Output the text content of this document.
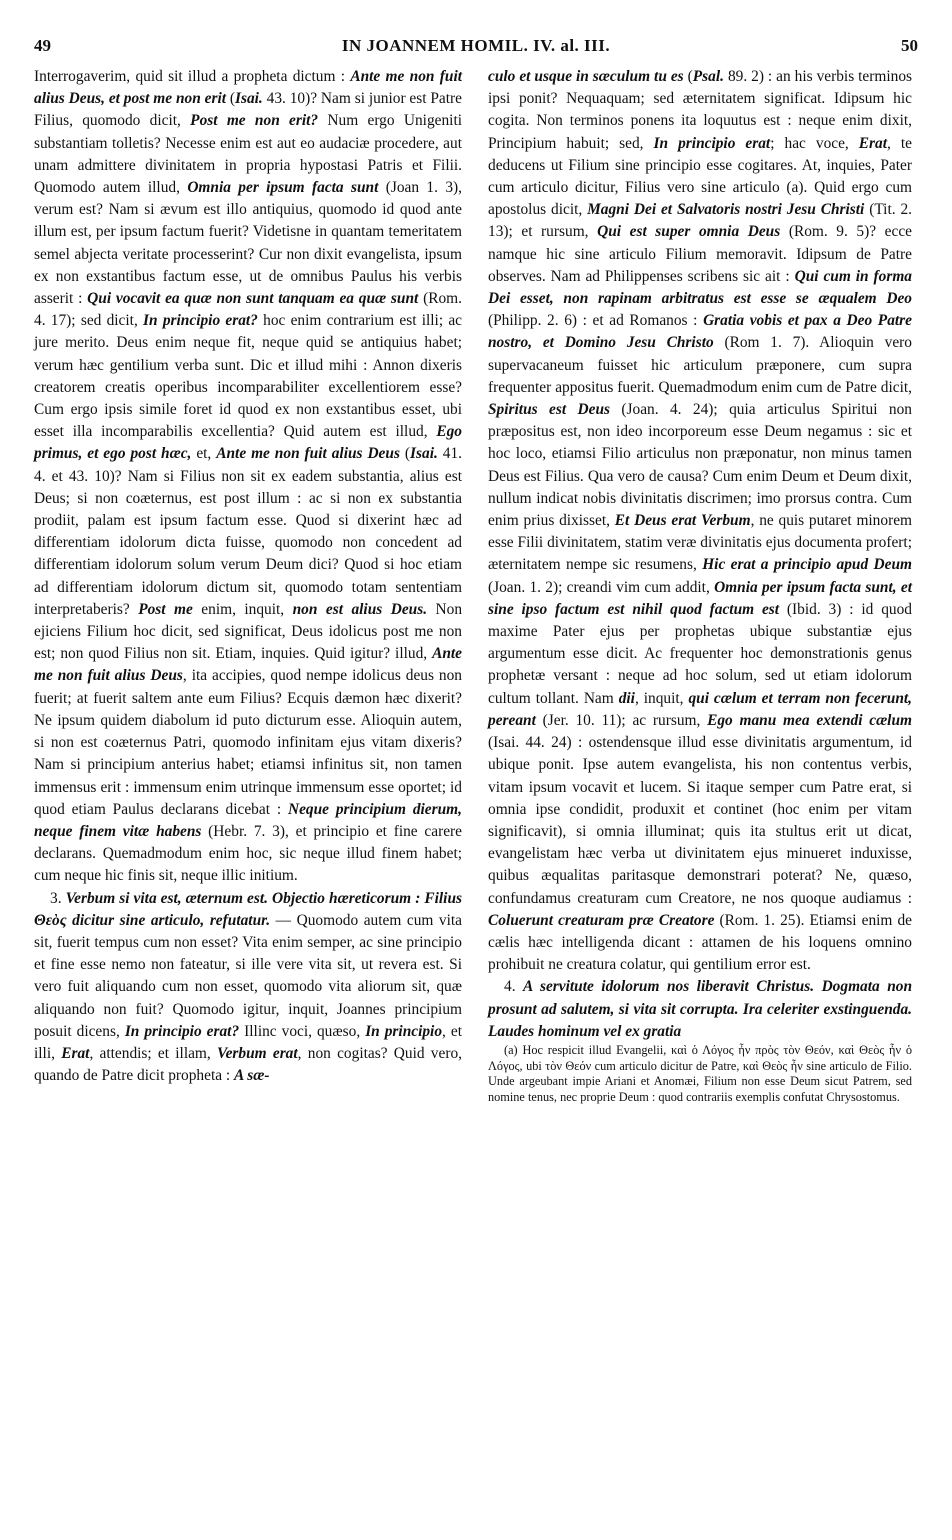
49	IN JOANNEM HOMIL. IV. al. III.	50

Interrogaverim, quid sit illud a propheta dictum : Ante me non fuit alius Deus, et post me non erit (Isai. 43. 10)? Nam si junior est Patre Filius, quomodo dicit, Post me non erit? Num ergo Unigeniti substantiam tolletis? Necesse enim est aut eo audaciæ procedere, aut unam admittere divinitatem in propria hypostasi Patris et Filii. Quomodo autem illud, Omnia per ipsum facta sunt (Joan 1. 3), verum est? Nam si ævum est illo antiquius, quomodo id quod ante illum est, per ipsum factum fuerit? Videtisne in quantam temeritatem semel abjecta veritate processerint? Cur non dixit evangelista, ipsum ex non exstantibus factum esse, ut de omnibus Paulus his verbis asserit : Qui vocavit ea quæ non sunt tanquam ea quæ sunt (Rom. 4. 17); sed dicit, In principio erat? hoc enim contrarium est illi; ac jure merito. Deus enim neque fit, neque quid se antiquius habet; verum hæc gentilium verba sunt. Dic et illud mihi : Annon dixeris creatorem creatis operibus incomparabiliter excellentiorem esse? Cum ergo ipsis simile foret id quod ex non exstantibus esset, ubi esset illa incomparabilis excellentia? Quid autem est illud, Ego primus, et ego post hæc, et, Ante me non fuit alius Deus (Isai. 41. 4. et 43. 10)? Nam si Filius non sit ex eadem substantia, alius est Deus; si non coæternus, est post illum : ac si non ex substantia prodiit, palam est ipsum factum esse. Quod si dixerint hæc ad differentiam idolorum dicta fuisse, quomodo non concedent ad differentiam idolorum solum verum Deum dici? Quod si hoc etiam ad differentiam idolorum dictum sit, quomodo totam sententiam interpretaberis? Post me enim, inquit, non est alius Deus. Non ejiciens Filium hoc dicit, sed significat, Deus idolicus post me non est; non quod Filius non sit. Etiam, inquies. Quid igitur? illud, Ante me non fuit alius Deus, ita accipies, quod nempe idolicus deus non fuerit; at fuerit saltem ante eum Filius? Ecquis dæmon hæc dixerit? Ne ipsum quidem diabolum id puto dicturum esse. Alioquin autem, si non est coæternus Patri, quomodo infinitam ejus vitam dixeris? Nam si principium anterius habet; etiamsi infinitus sit, non tamen immensus erit : immensum enim utrinque immensum esse oportet; id quod etiam Paulus declarans dicebat : Neque principium dierum, neque finem vitæ habens (Hebr. 7. 3), et principio et fine carere declarans. Quemadmodum enim hoc, sic neque illud finem habet; cum neque hic finis sit, neque illic initium.

3. Verbum si vita est, æternum est. Objectio hæreticorum : Filius Θεὸς dicitur sine articulo, refutatur. — Quomodo autem cum vita sit, fuerit tempus cum non esset? Vita enim semper, ac sine principio et fine esse nemo non fateatur, si ille vere vita sit, ut revera est. Si vero fuit aliquando cum non esset, quomodo vita aliorum sit, quæ aliquando non fuit? Quomodo igitur, inquit, Joannes principium posuit dicens, In principio erat? Illinc voci, quæso, In principio, et illi, Erat, attendis; et illam, Verbum erat, non cogitas? Quid vero, quando de Patre dicit propheta : A sæ-

culo et usque in sæculum tu es (Psal. 89. 2) : an his verbis terminos ipsi ponit? Nequaquam; sed æternitatem significat. Idipsum hic cogita. Non terminos ponens ita loquutus est : neque enim dixit, Principium habuit; sed, In principio erat; hac voce, Erat, te deducens ut Filium sine principio esse cogitares. At, inquies, Pater cum articulo dicitur, Filius vero sine articulo (a). Quid ergo cum apostolus dicit, Magni Dei et Salvatoris nostri Jesu Christi (Tit. 2. 13); et rursum, Qui est super omnia Deus (Rom. 9. 5)? ecce namque hic sine articulo Filium memoravit. Idipsum de Patre observes. Nam ad Philippenses scribens sic ait : Qui cum in forma Dei esset, non rapinam arbitratus est esse se æqualem Deo (Philipp. 2. 6) : et ad Romanos : Gratia vobis et pax a Deo Patre nostro, et Domino Jesu Christo (Rom 1. 7). Alioquin vero supervacaneum fuisset hic articulum præponere, cum supra frequenter appositus fuerit. Quemadmodum enim cum de Patre dicit, Spiritus est Deus (Joan. 4. 24); quia articulus Spiritui non præpositus est, non ideo incorporeum esse Deum negamus : sic et hoc loco, etiamsi Filio articulus non præponatur, non minus tamen Deus est Filius. Qua vero de causa? Cum enim Deum et Deum dixit, nullum indicat nobis divinitatis discrimen; imo prorsus contra. Cum enim prius dixisset, Et Deus erat Verbum, ne quis putaret minorem esse Filii divinitatem, statim veræ divinitatis ejus documenta profert; æternitatem nempe sic resumens, Hic erat a principio apud Deum (Joan. 1. 2); creandi vim cum addit, Omnia per ipsum facta sunt, et sine ipso factum est nihil quod factum est (Ibid. 3) : id quod maxime Pater ejus per prophetas ubique substantiæ ejus argumentum esse dicit. Ac frequenter hoc demonstrationis genus prophetæ versant : neque ad hoc solum, sed ut etiam idolorum cultum tollant. Nam dii, inquit, qui cælum et terram non fecerunt, pereant (Jer. 10. 11); ac rursum, Ego manu mea extendi cælum (Isai. 44. 24) : ostendensque illud esse divinitatis argumentum, id ubique ponit. Ipse autem evangelista, his non contentus verbis, vitam ipsum vocavit et lucem. Si itaque semper cum Patre erat, si omnia ipse condidit, produxit et continet (hoc enim per vitam significavit), si omnia illuminat; quis ita stultus erit ut dicat, evangelistam hæc verba ut divinitatem ejus minueret induxisse, quibus æqualitas paritasque demonstrari poterat? Ne, quæso, confundamus creaturam cum Creatore, ne nos quoque audiamus : Coluerunt creaturam præ Creatore (Rom. 1. 25). Etiamsi enim de cælis hæc intelligenda dicant : attamen de his loquens omnino prohibuit ne creatura colatur, qui gentilium error est.

4. A servitute idolorum nos liberavit Christus. Dogmata non prosunt ad salutem, si vita sit corrupta. Ira celeriter exstinguenda. Laudes hominum vel ex gratia

(a) Hoc respicit illud Evangelii, καὶ ὁ Λόγος ἦν πρὸς τὸν Θεόν, καὶ Θεὸς ἦν ὁ Λόγος, ubi τὸν Θεόν cum articulo dicitur de Patre, καὶ Θεὸς ἦν sine articulo de Filio. Unde argeubant impie Ariani et Anomæi, Filium non esse Deum sicut Patrem, sed nomine tenus, nec proprie Deum : quod contrariis exemplis confutat Chrysostomus.
